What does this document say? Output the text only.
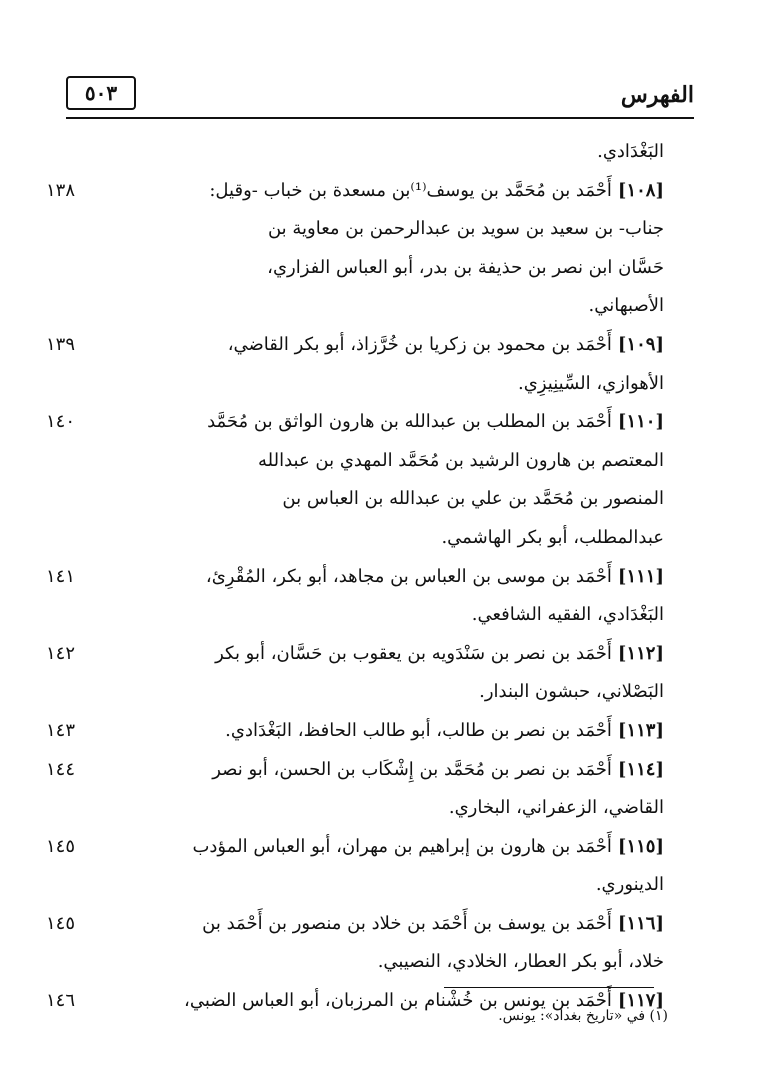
الفهرس
٥٠٣
البَغْدَادي.
[١٠٨]أَحْمَد بن مُحَمَّد بن يوسف⁽¹⁾بن مسعدة بن خباب -وقيل:
١٣٨
جناب- بن سعيد بن سويد بن عبدالرحمن بن معاوية بن
حَسَّان ابن نصر بن حذيفة بن بدر، أبو العباس الفزاري،
الأصبهاني.
[١٠٩]أَحْمَد بن محمود بن زكريا بن خُرَّزاذ، أبو بكر القاضي،
١٣٩
الأهوازي، السِّينِيزِي.
[١١٠]أَحْمَد بن المطلب بن عبدالله بن هارون الواثق بن مُحَمَّد
١٤٠
المعتصم بن هارون الرشيد بن مُحَمَّد المهدي بن عبدالله
المنصور بن مُحَمَّد بن علي بن عبدالله بن العباس بن
عبدالمطلب، أبو بكر الهاشمي.
[١١١]أَحْمَد بن موسى بن العباس بن مجاهد، أبو بكر، المُقْرِئ،
١٤١
البَغْدَادي، الفقيه الشافعي.
[١١٢]أَحْمَد بن نصر بن سَنْدَويه بن يعقوب بن حَسَّان، أبو بكر
١٤٢
البَصْلاني، حبشون البندار.
[١١٣]أَحْمَد بن نصر بن طالب، أبو طالب الحافظ، البَغْدَادي.
١٤٣
[١١٤]أَحْمَد بن نصر بن مُحَمَّد بن إِشْكَاب بن الحسن، أبو نصر
١٤٤
القاضي، الزعفراني، البخاري.
[١١٥]أَحْمَد بن هارون بن إبراهيم بن مهران، أبو العباس المؤدب
١٤٥
الدينوري.
[١١٦]أَحْمَد بن يوسف بن أَحْمَد بن خلاد بن منصور بن أَحْمَد بن
١٤٥
خلاد، أبو بكر العطار، الخلادي، النصيبي.
[١١٧]أَحْمَد بن يونس بن خُشْنام بن المرزبان، أبو العباس الضبي،
١٤٦
(١) في «تاريخ بغداد»: يونس.
